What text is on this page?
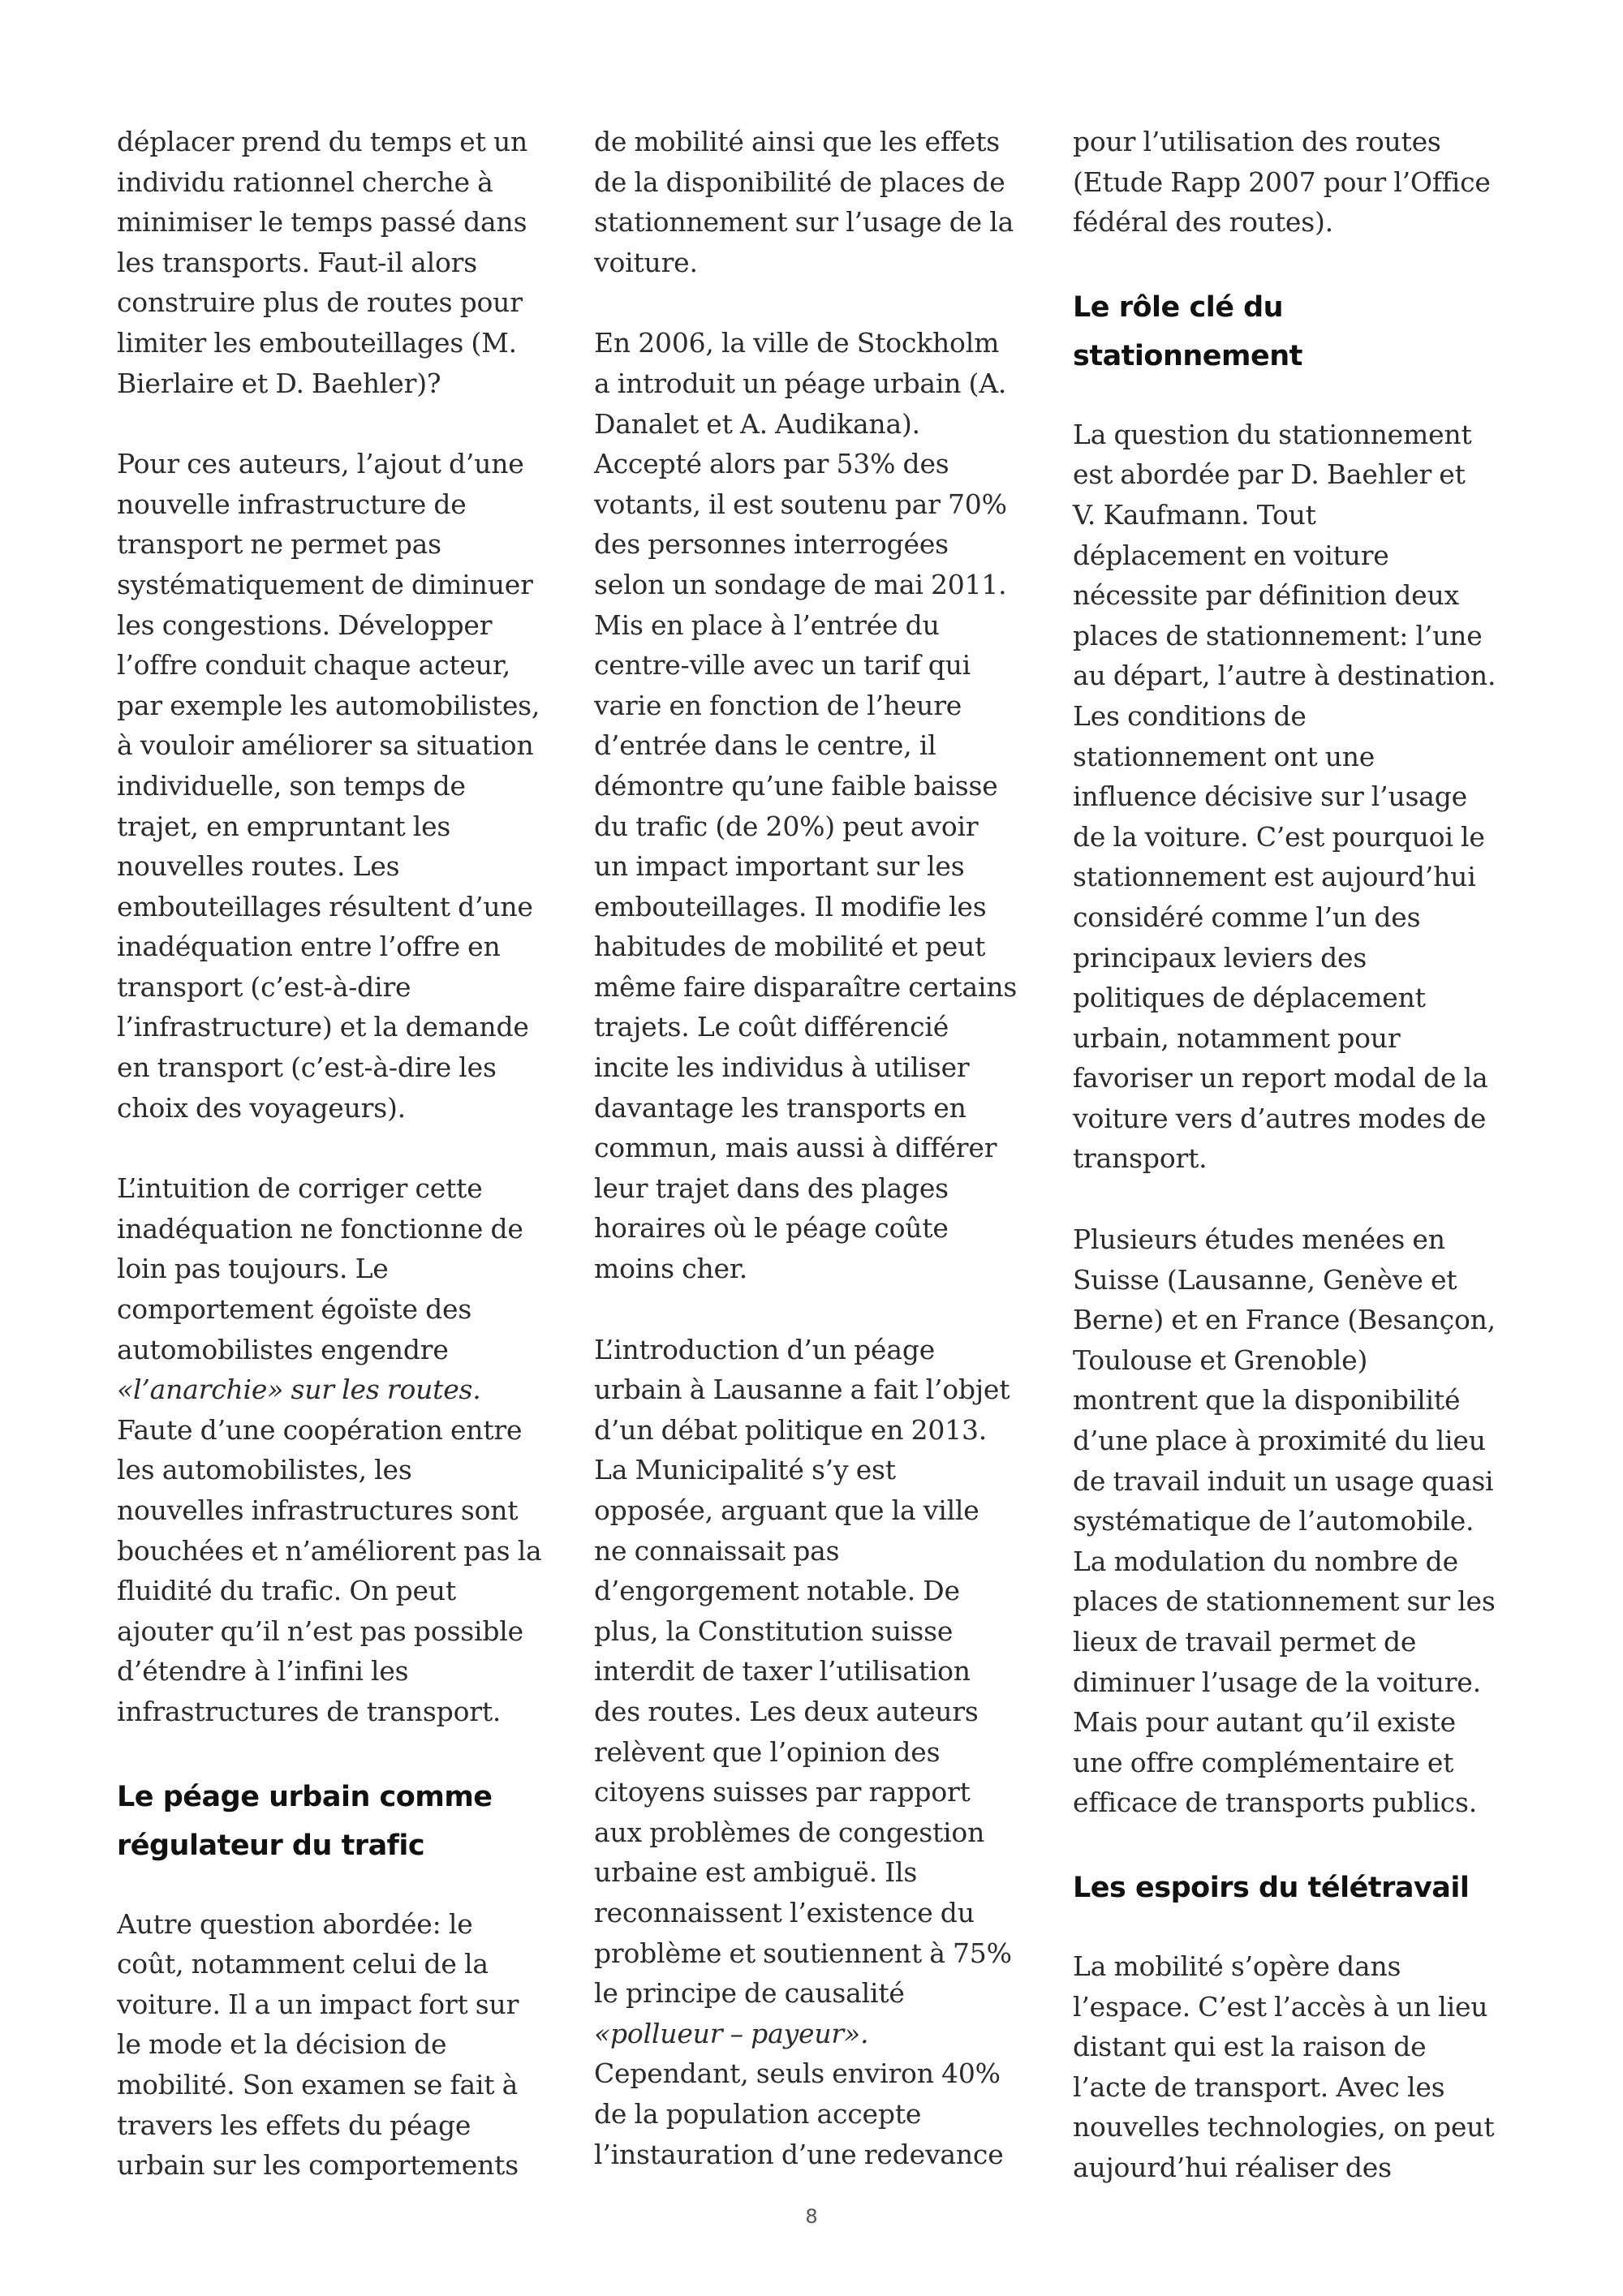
déplacer prend du temps et un
individu rationnel cherche à
minimiser le temps passé dans
les transports. Faut-il alors
construire plus de routes pour
limiter les embouteillages (M.
Bierlaire et D. Baehler)?

Pour ces auteurs, l’ajout d’une
nouvelle infrastructure de
transport ne permet pas
systématiquement de diminuer
les congestions. Développer
l’offre conduit chaque acteur,
par exemple les automobilistes,
à vouloir améliorer sa situation
individuelle, son temps de
trajet, en empruntant les
nouvelles routes. Les
embouteillages résultent d’une
inadéquation entre l’offre en
transport (c’est-à-dire
l’infrastructure) et la demande
en transport (c’est-à-dire les
choix des voyageurs).

L’intuition de corriger cette
inadéquation ne fonctionne de
loin pas toujours. Le
comportement égoïste des
automobilistes engendre
«l’anarchie» sur les routes.
Faute d’une coopération entre
les automobilistes, les
nouvelles infrastructures sont
bouchées et n’améliorent pas la
fluidité du trafic. On peut
ajouter qu’il n’est pas possible
d’étendre à l’infini les
infrastructures de transport.

Le péage urbain comme
régulateur du trafic

Autre question abordée: le
coût, notamment celui de la
voiture. Il a un impact fort sur
le mode et la décision de
mobilité. Son examen se fait à
travers les effets du péage
urbain sur les comportements

de mobilité ainsi que les effets
de la disponibilité de places de
stationnement sur l’usage de la
voiture.

En 2006, la ville de Stockholm
a introduit un péage urbain (A.
Danalet et A. Audikana).
Accepté alors par 53% des
votants, il est soutenu par 70%
des personnes interrogées
selon un sondage de mai 2011.
Mis en place à l’entrée du
centre-ville avec un tarif qui
varie en fonction de l’heure
d’entrée dans le centre, il
démontre qu’une faible baisse
du trafic (de 20%) peut avoir
un impact important sur les
embouteillages. Il modifie les
habitudes de mobilité et peut
même faire disparaître certains
trajets. Le coût différencié
incite les individus à utiliser
davantage les transports en
commun, mais aussi à différer
leur trajet dans des plages
horaires où le péage coûte
moins cher.

L’introduction d’un péage
urbain à Lausanne a fait l’objet
d’un débat politique en 2013.
La Municipalité s’y est
opposée, arguant que la ville
ne connaissait pas
d’engorgement notable. De
plus, la Constitution suisse
interdit de taxer l’utilisation
des routes. Les deux auteurs
relèvent que l’opinion des
citoyens suisses par rapport
aux problèmes de congestion
urbaine est ambiguë. Ils
reconnaissent l’existence du
problème et soutiennent à 75%
le principe de causalité
«pollueur – payeur».
Cependant, seuls environ 40%
de la population accepte
l’instauration d’une redevance

pour l’utilisation des routes
(Etude Rapp 2007 pour l’Office
fédéral des routes).

Le rôle clé du
stationnement

La question du stationnement
est abordée par D. Baehler et
V. Kaufmann. Tout
déplacement en voiture
nécessite par définition deux
places de stationnement: l’une
au départ, l’autre à destination.
Les conditions de
stationnement ont une
influence décisive sur l’usage
de la voiture. C’est pourquoi le
stationnement est aujourd’hui
considéré comme l’un des
principaux leviers des
politiques de déplacement
urbain, notamment pour
favoriser un report modal de la
voiture vers d’autres modes de
transport.

Plusieurs études menées en
Suisse (Lausanne, Genève et
Berne) et en France (Besançon,
Toulouse et Grenoble)
montrent que la disponibilité
d’une place à proximité du lieu
de travail induit un usage quasi
systématique de l’automobile.
La modulation du nombre de
places de stationnement sur les
lieux de travail permet de
diminuer l’usage de la voiture.
Mais pour autant qu’il existe
une offre complémentaire et
efficace de transports publics.

Les espoirs du télétravail

La mobilité s’opère dans
l’espace. C’est l’accès à un lieu
distant qui est la raison de
l’acte de transport. Avec les
nouvelles technologies, on peut
aujourd’hui réaliser des

8
